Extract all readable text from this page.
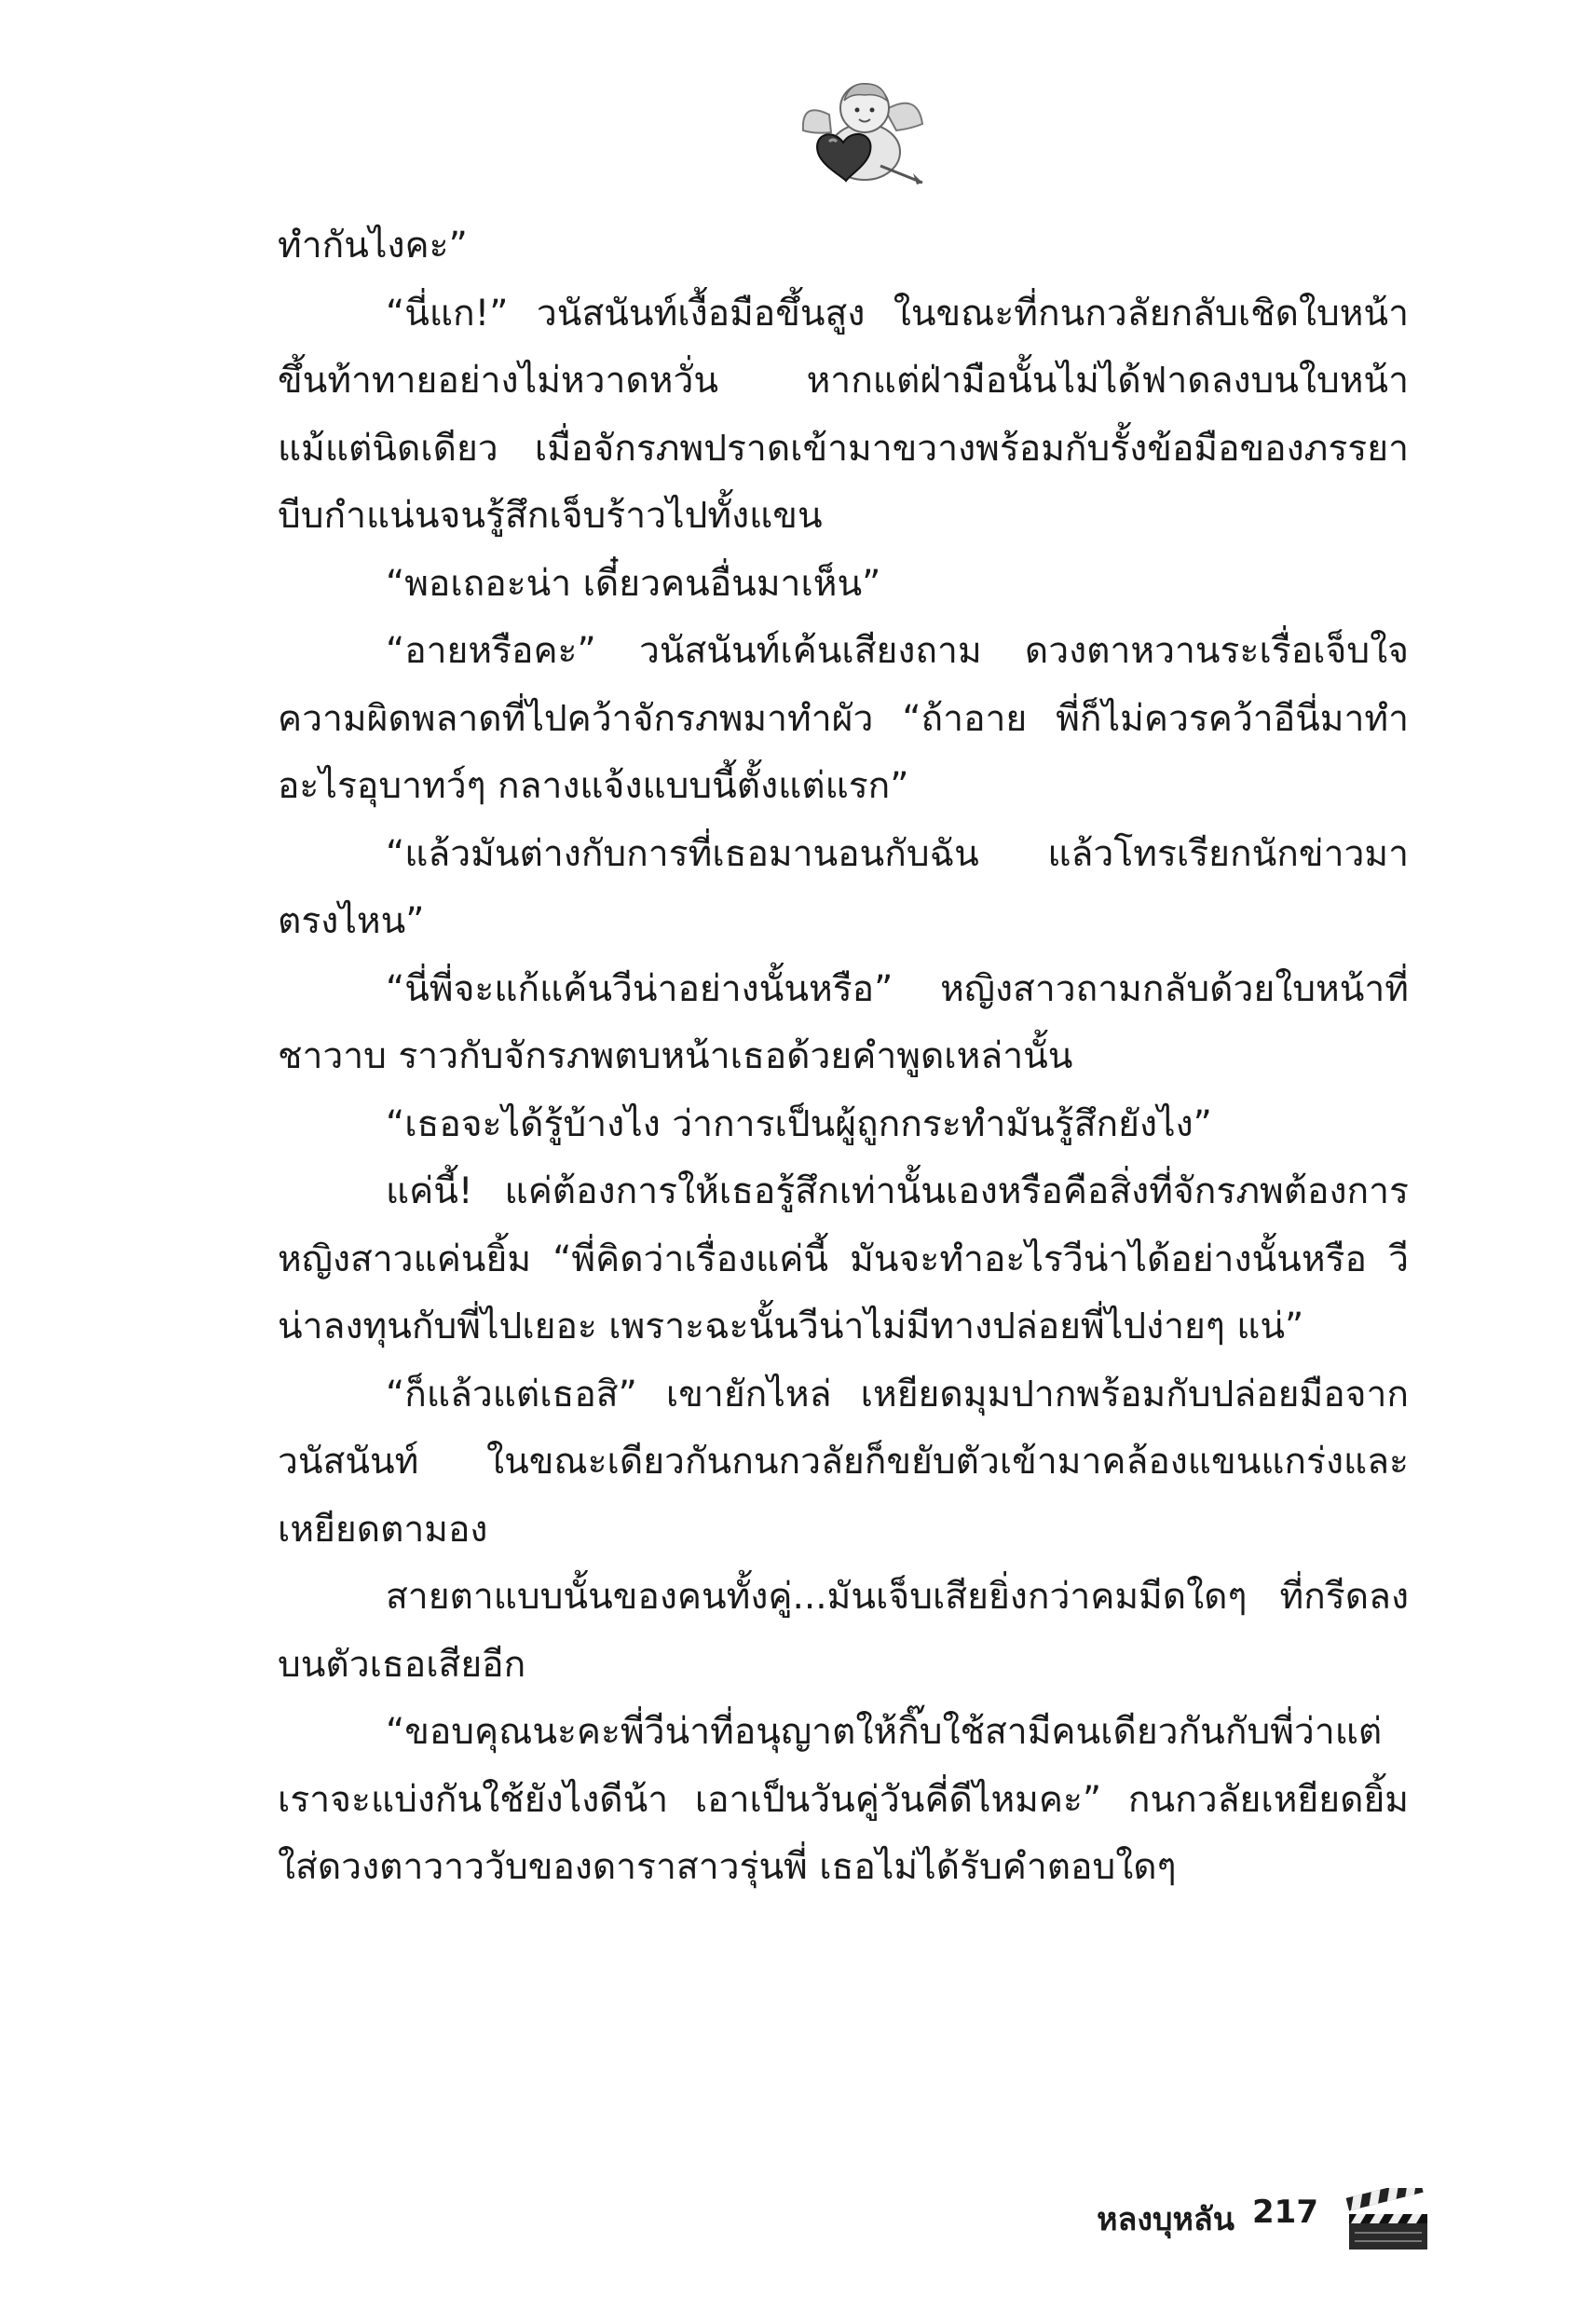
ทำกันไงคะ”

“นี่แก!” วนัสนันท์เงื้อมือขึ้นสูง ในขณะที่กนกวลัยกลับเชิดใบหน้าขึ้นท้าทายอย่างไม่หวาดหวั่น หากแต่ฝ่ามือนั้นไม่ได้ฟาดลงบนใบหน้าแม้แต่นิดเดียว เมื่อจักรภพปราดเข้ามาขวางพร้อมกับรั้งข้อมือของภรรยาบีบกำแน่นจนรู้สึกเจ็บร้าวไปทั้งแขน

“พอเถอะน่า เดี๋ยวคนอื่นมาเห็น”

“อายหรือคะ” วนัสนันท์เค้นเสียงถาม ดวงตาหวานระเรื่อเจ็บใจความผิดพลาดที่ไปคว้าจักรภพมาทำผัว “ถ้าอาย พี่ก็ไม่ควรคว้าอีนี่มาทำอะไรอุบาทว์ๆ กลางแจ้งแบบนี้ตั้งแต่แรก”

“แล้วมันต่างกับการที่เธอมานอนกับฉัน แล้วโทรเรียกนักข่าวมาตรงไหน”

“นี่พี่จะแก้แค้นวีน่าอย่างนั้นหรือ” หญิงสาวถามกลับด้วยใบหน้าที่ชาวาบ ราวกับจักรภพตบหน้าเธอด้วยคำพูดเหล่านั้น

“เธอจะได้รู้บ้างไง ว่าการเป็นผู้ถูกกระทำมันรู้สึกยังไง”

แค่นี้! แค่ต้องการให้เธอรู้สึกเท่านั้นเองหรือคือสิ่งที่จักรภพต้องการ หญิงสาวแค่นยิ้ม “พี่คิดว่าเรื่องแค่นี้ มันจะทำอะไรวีน่าได้อย่างนั้นหรือ วีน่าลงทุนกับพี่ไปเยอะ เพราะฉะนั้นวีน่าไม่มีทางปล่อยพี่ไปง่ายๆ แน่”

“ก็แล้วแต่เธอสิ” เขายักไหล่ เหยียดมุมปากพร้อมกับปล่อยมือจากวนัสนันท์ ในขณะเดียวกันกนกวลัยก็ขยับตัวเข้ามาคล้องแขนแกร่งและเหยียดตามอง

สายตาแบบนั้นของคนทั้งคู่...มันเจ็บเสียยิ่งกว่าคมมีดใดๆ ที่กรีดลงบนตัวเธอเสียอีก

“ขอบคุณนะคะพี่วีน่าที่อนุญาตให้กิ๊บใช้สามีคนเดียวกันกับพี่ว่าแต่เราจะแบ่งกันใช้ยังไงดีน้า เอาเป็นวันคู่วันคี่ดีไหมคะ” กนกวลัยเหยียดยิ้มใส่ดวงตาวาววับของดาราสาวรุ่นพี่ เธอไม่ได้รับคำตอบใดๆ

หลงบุหลัน 217
